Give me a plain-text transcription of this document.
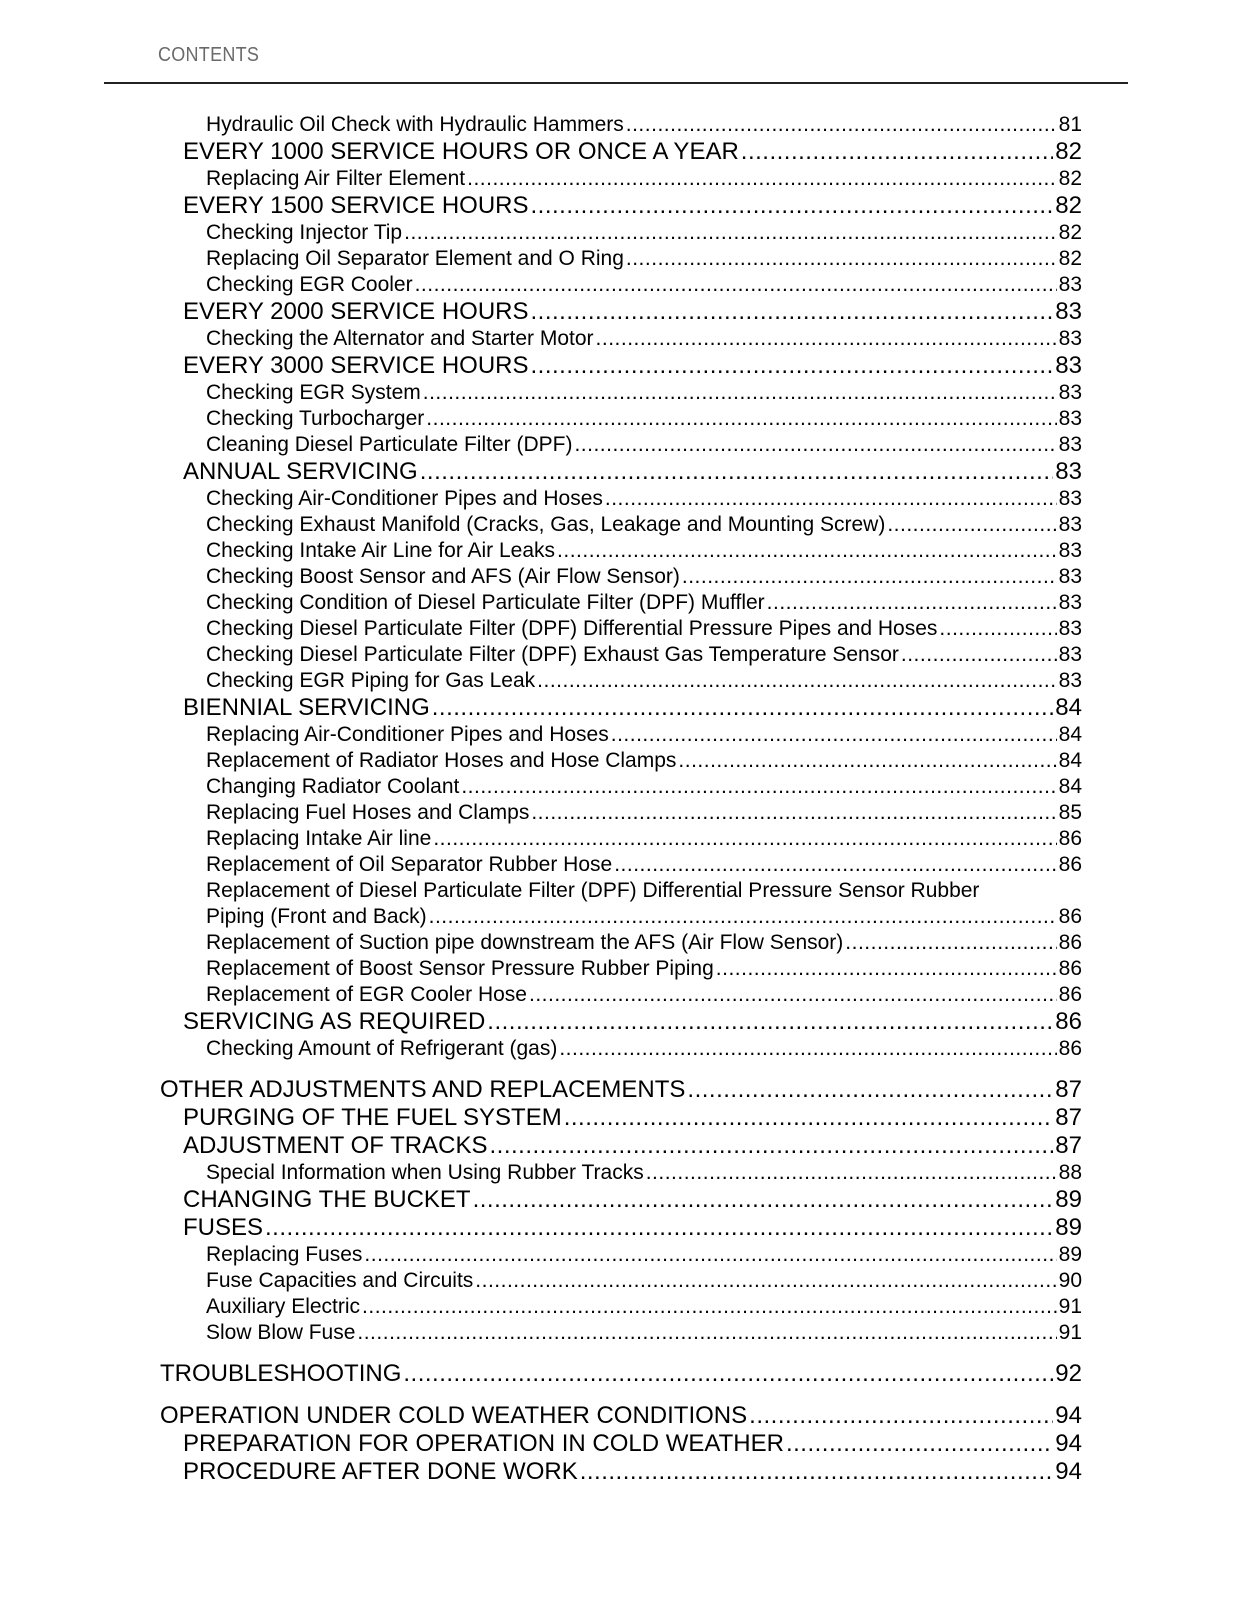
CONTENTS
Hydraulic Oil Check with Hydraulic Hammers .....	81
EVERY 1000 SERVICE HOURS OR ONCE A YEAR .....	82
Replacing Air Filter Element .....	82
EVERY 1500 SERVICE HOURS .....	82
Checking Injector Tip .....	82
Replacing Oil Separator Element and O Ring .....	82
Checking EGR Cooler .....	83
EVERY 2000 SERVICE HOURS .....	83
Checking the Alternator and Starter Motor .....	83
EVERY 3000 SERVICE HOURS .....	83
Checking EGR System .....	83
Checking Turbocharger .....	83
Cleaning Diesel Particulate Filter (DPF) .....	83
ANNUAL SERVICING .....	83
Checking Air-Conditioner Pipes and Hoses .....	83
Checking Exhaust Manifold (Cracks, Gas, Leakage and Mounting Screw) .....	83
Checking Intake Air Line for Air Leaks .....	83
Checking Boost Sensor and AFS (Air Flow Sensor) .....	83
Checking Condition of Diesel Particulate Filter (DPF) Muffler .....	83
Checking Diesel Particulate Filter (DPF) Differential Pressure Pipes and Hoses .....	83
Checking Diesel Particulate Filter (DPF) Exhaust Gas Temperature Sensor .....	83
Checking EGR Piping for Gas Leak .....	83
BIENNIAL SERVICING .....	84
Replacing Air-Conditioner Pipes and Hoses .....	84
Replacement of Radiator Hoses and Hose Clamps .....	84
Changing Radiator Coolant .....	84
Replacing Fuel Hoses and Clamps .....	85
Replacing Intake Air line .....	86
Replacement of Oil Separator Rubber Hose .....	86
Replacement of Diesel Particulate Filter (DPF) Differential Pressure Sensor Rubber
Piping (Front and Back) .....	86
Replacement of Suction pipe downstream the AFS (Air Flow Sensor) .....	86
Replacement of Boost Sensor Pressure Rubber Piping .....	86
Replacement of EGR Cooler Hose .....	86
SERVICING AS REQUIRED .....	86
Checking Amount of Refrigerant (gas) .....	86
OTHER ADJUSTMENTS AND REPLACEMENTS .....	87
PURGING OF THE FUEL SYSTEM .....	87
ADJUSTMENT OF TRACKS .....	87
Special Information when Using Rubber Tracks .....	88
CHANGING THE BUCKET .....	89
FUSES .....	89
Replacing Fuses .....	89
Fuse Capacities and Circuits .....	90
Auxiliary Electric .....	91
Slow Blow Fuse .....	91
TROUBLESHOOTING .....	92
OPERATION UNDER COLD WEATHER CONDITIONS .....	94
PREPARATION FOR OPERATION IN COLD WEATHER .....	94
PROCEDURE AFTER DONE WORK .....	94
